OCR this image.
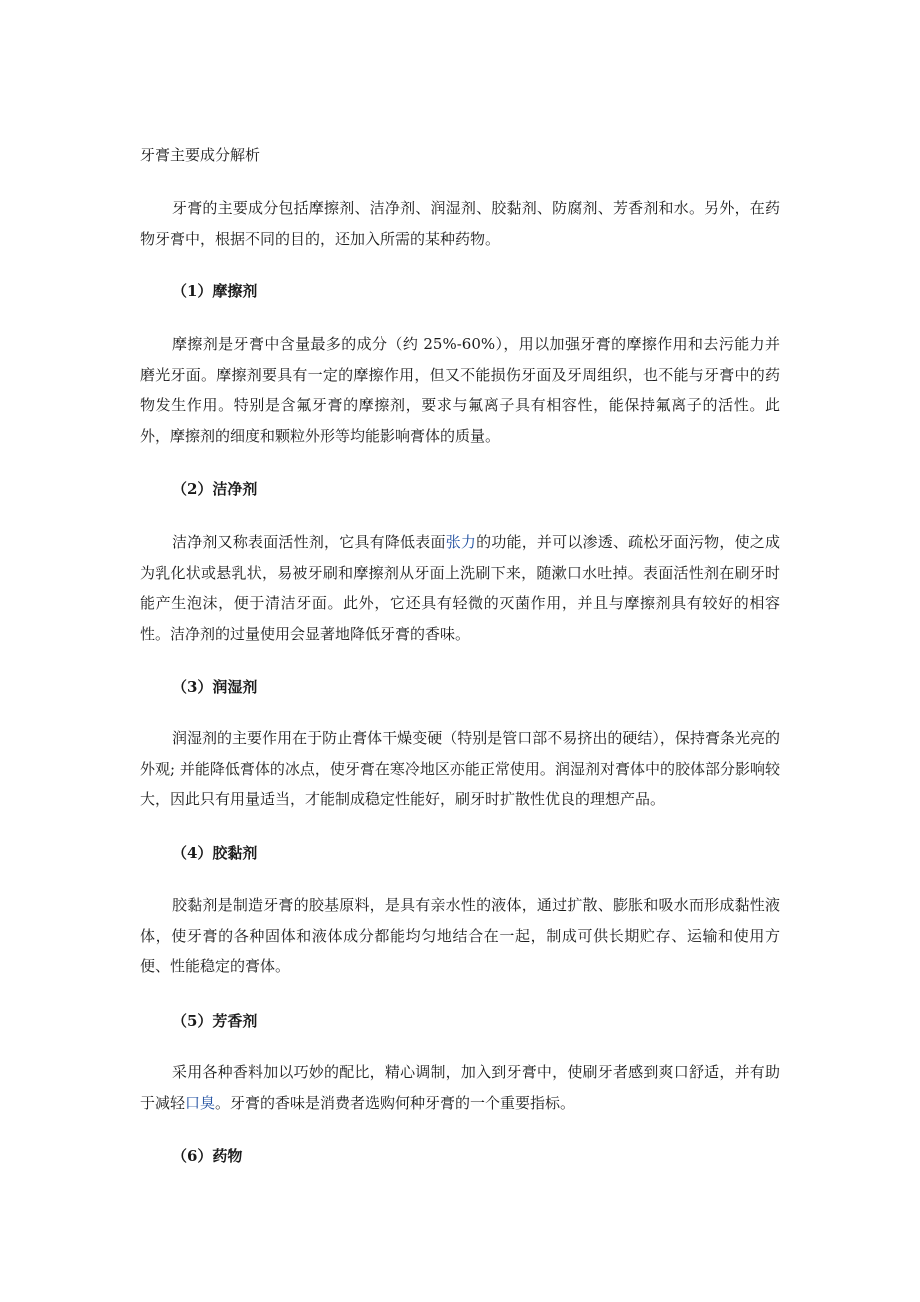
牙膏主要成分解析

牙膏的主要成分包括摩擦剂、洁净剂、润湿剂、胶黏剂、防腐剂、芳香剂和水。另外，在药物牙膏中，根据不同的目的，还加入所需的某种药物。

（1）摩擦剂

摩擦剂是牙膏中含量最多的成分（约 25%-60%），用以加强牙膏的摩擦作用和去污能力并磨光牙面。摩擦剂要具有一定的摩擦作用，但又不能损伤牙面及牙周组织，也不能与牙膏中的药物发生作用。特别是含氟牙膏的摩擦剂，要求与氟离子具有相容性，能保持氟离子的活性。此外，摩擦剂的细度和颗粒外形等均能影响膏体的质量。

（2）洁净剂

洁净剂又称表面活性剂，它具有降低表面张力的功能，并可以渗透、疏松牙面污物，使之成为乳化状或悬乳状，易被牙刷和摩擦剂从牙面上洗刷下来，随漱口水吐掉。表面活性剂在刷牙时能产生泡沫，便于清洁牙面。此外，它还具有轻微的灭菌作用，并且与摩擦剂具有较好的相容性。洁净剂的过量使用会显著地降低牙膏的香味。

（3）润湿剂

润湿剂的主要作用在于防止膏体干燥变硬（特别是管口部不易挤出的硬结），保持膏条光亮的外观; 并能降低膏体的冰点，使牙膏在寒冷地区亦能正常使用。润湿剂对膏体中的胶体部分影响较大，因此只有用量适当，才能制成稳定性能好，刷牙时扩散性优良的理想产品。

（4）胶黏剂

胶黏剂是制造牙膏的胶基原料，是具有亲水性的液体，通过扩散、膨胀和吸水而形成黏性液体，使牙膏的各种固体和液体成分都能均匀地结合在一起，制成可供长期贮存、运输和使用方便、性能稳定的膏体。

（5）芳香剂

采用各种香料加以巧妙的配比，精心调制，加入到牙膏中，使刷牙者感到爽口舒适，并有助于减轻口臭。牙膏的香味是消费者选购何种牙膏的一个重要指标。

（6）药物
